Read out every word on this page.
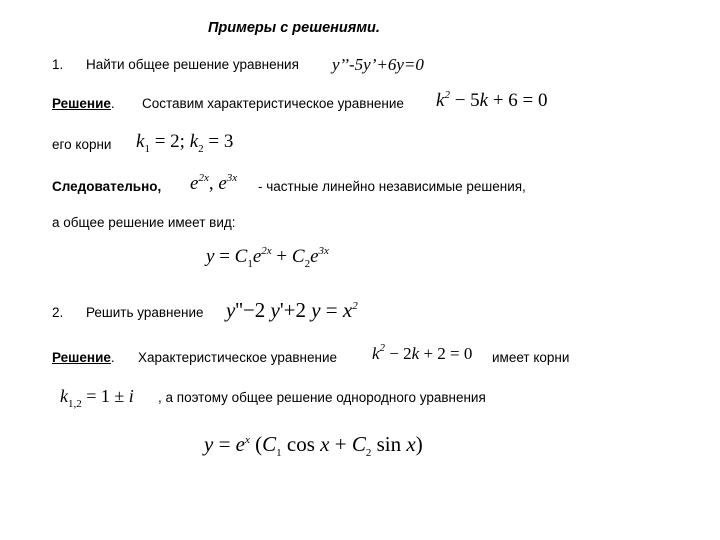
Примеры с решениями.
1. Найти общее решение уравнения y’’-5y’+6y=0
Решение. Составим характеристическое уравнение $k^2 - 5k + 6 = 0$
его корни $k_1 = 2$; $k_2 = 3$
Следовательно, $e^{2x}$, $e^{3x}$
- частные линейно независимые решения,
а общее решение имеет вид:
$y = C_1e^{2x} + C_2e^{3x}$
2. Решить уравнение y''−2 y'+2 $y = x^2$
Решение. Характеристическое уравнение $k^2 - 2k + 2 = 0$ имеет корни
$k_{1,2} = 1 \pm i$ , а поэтому общее решение однородного уравнения
$y = e^x$ ($C_1$ $\cos x + C_2$ sin x)
